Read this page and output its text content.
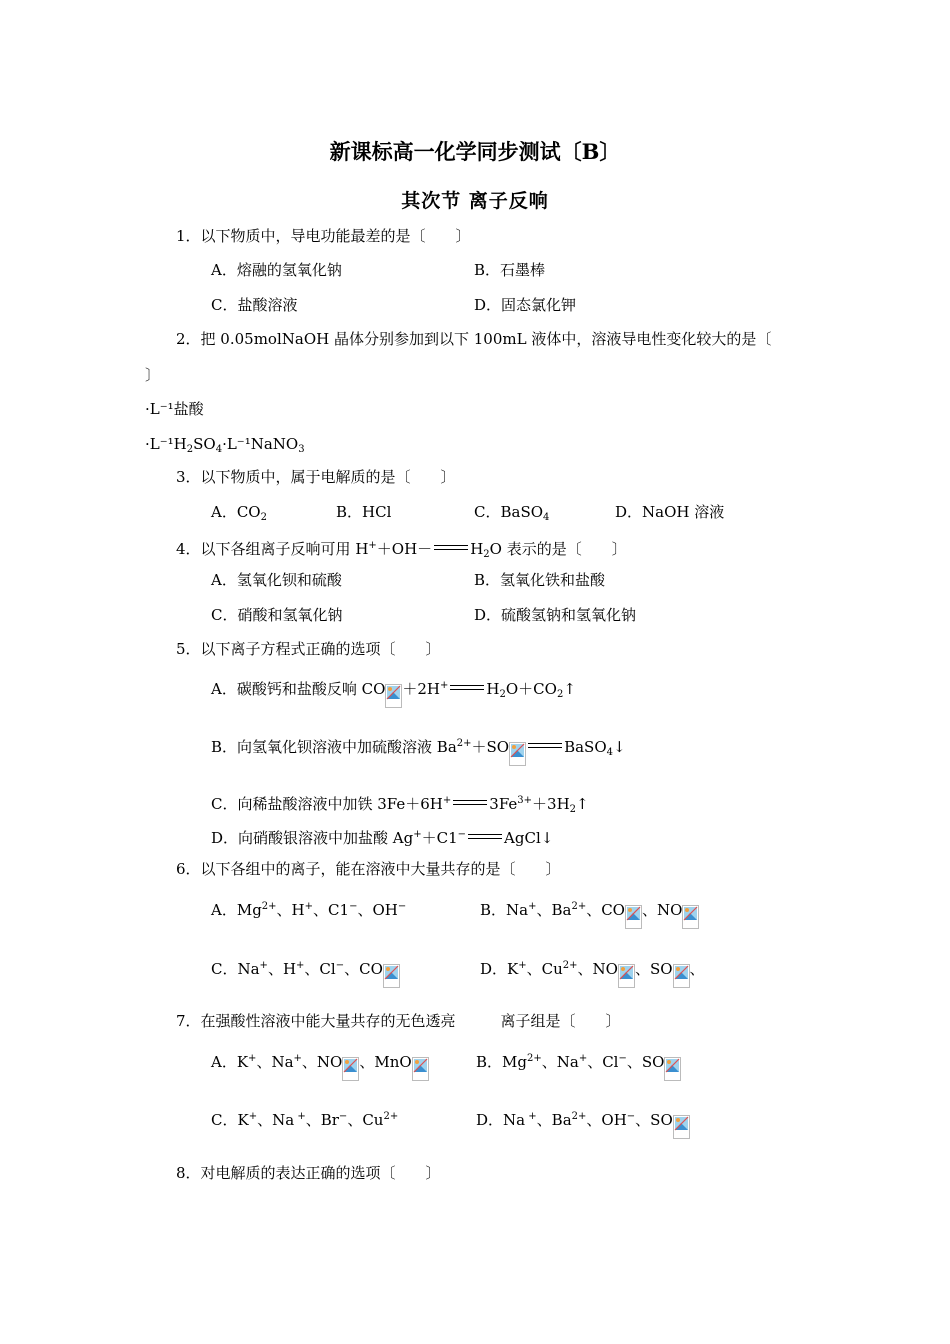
新课标高一化学同步测试〔B〕
其次节 离子反响
1．以下物质中，导电功能最差的是〔　　〕
A．熔融的氢氧化钠	B．石墨棒
C．盐酸溶液	D．固态氯化钾
2．把 0.05molNaOH 晶体分别参加到以下 100mL 液体中，溶液导电性变化较大的是〔
〕
·L⁻¹盐酸
$\cdot L^{-1}H_2SO_4\cdot L^{-1}NaNO_3$
3．以下物质中，属于电解质的是〔　　〕
A．$CO_2$	B．HCl	C．BaSO$_4$	D．NaOH 溶液
4．以下各组离子反响可用 H+＋OH－	$H_2O$ 表示的是〔　　〕
A．氢氧化钡和硫酸	B．氢氧化铁和盐酸
C．硝酸和氢氧化钠	D．硫酸氢钠和氢氧化钠
5．以下离子方程式正确的选项〔　　〕
A．碳酸钙和盐酸反响 CO ＋2H+	$H_2O+CO_2↑$
B．向氢氧化钡溶液中加硫酸溶液 $Ba^{2+}+SO$	BaSO$_4$↓
C．向稀盐酸溶液中加铁 3Fe＋6H+	$3Fe^{3+}+3H_2↑$
D．向硝酸银溶液中加盐酸 Ag+＋C1−	AgCl↓
6．以下各组中的离子，能在溶液中大量共存的是〔　　〕
A．$Mg^{2+}$、H+、C1−、OH−	B．Na+、$Ba^{2+}$、CO 、NO
C．Na+、H+、Cl−、CO	D．K+、$Cu^{2+}$、NO 、SO 、
7．在强酸性溶液中能大量共存的无色透亮　　　离子组是〔　　〕
A．K+、Na+、NO 、MnO	B．$Mg^{2+}$、Na+、Cl−、SO
C．K+、Na +、Br−、$Cu^{2+}$	D．Na +、$Ba^{2+}$、OH−、SO
8．对电解质的表达正确的选项〔　　〕
